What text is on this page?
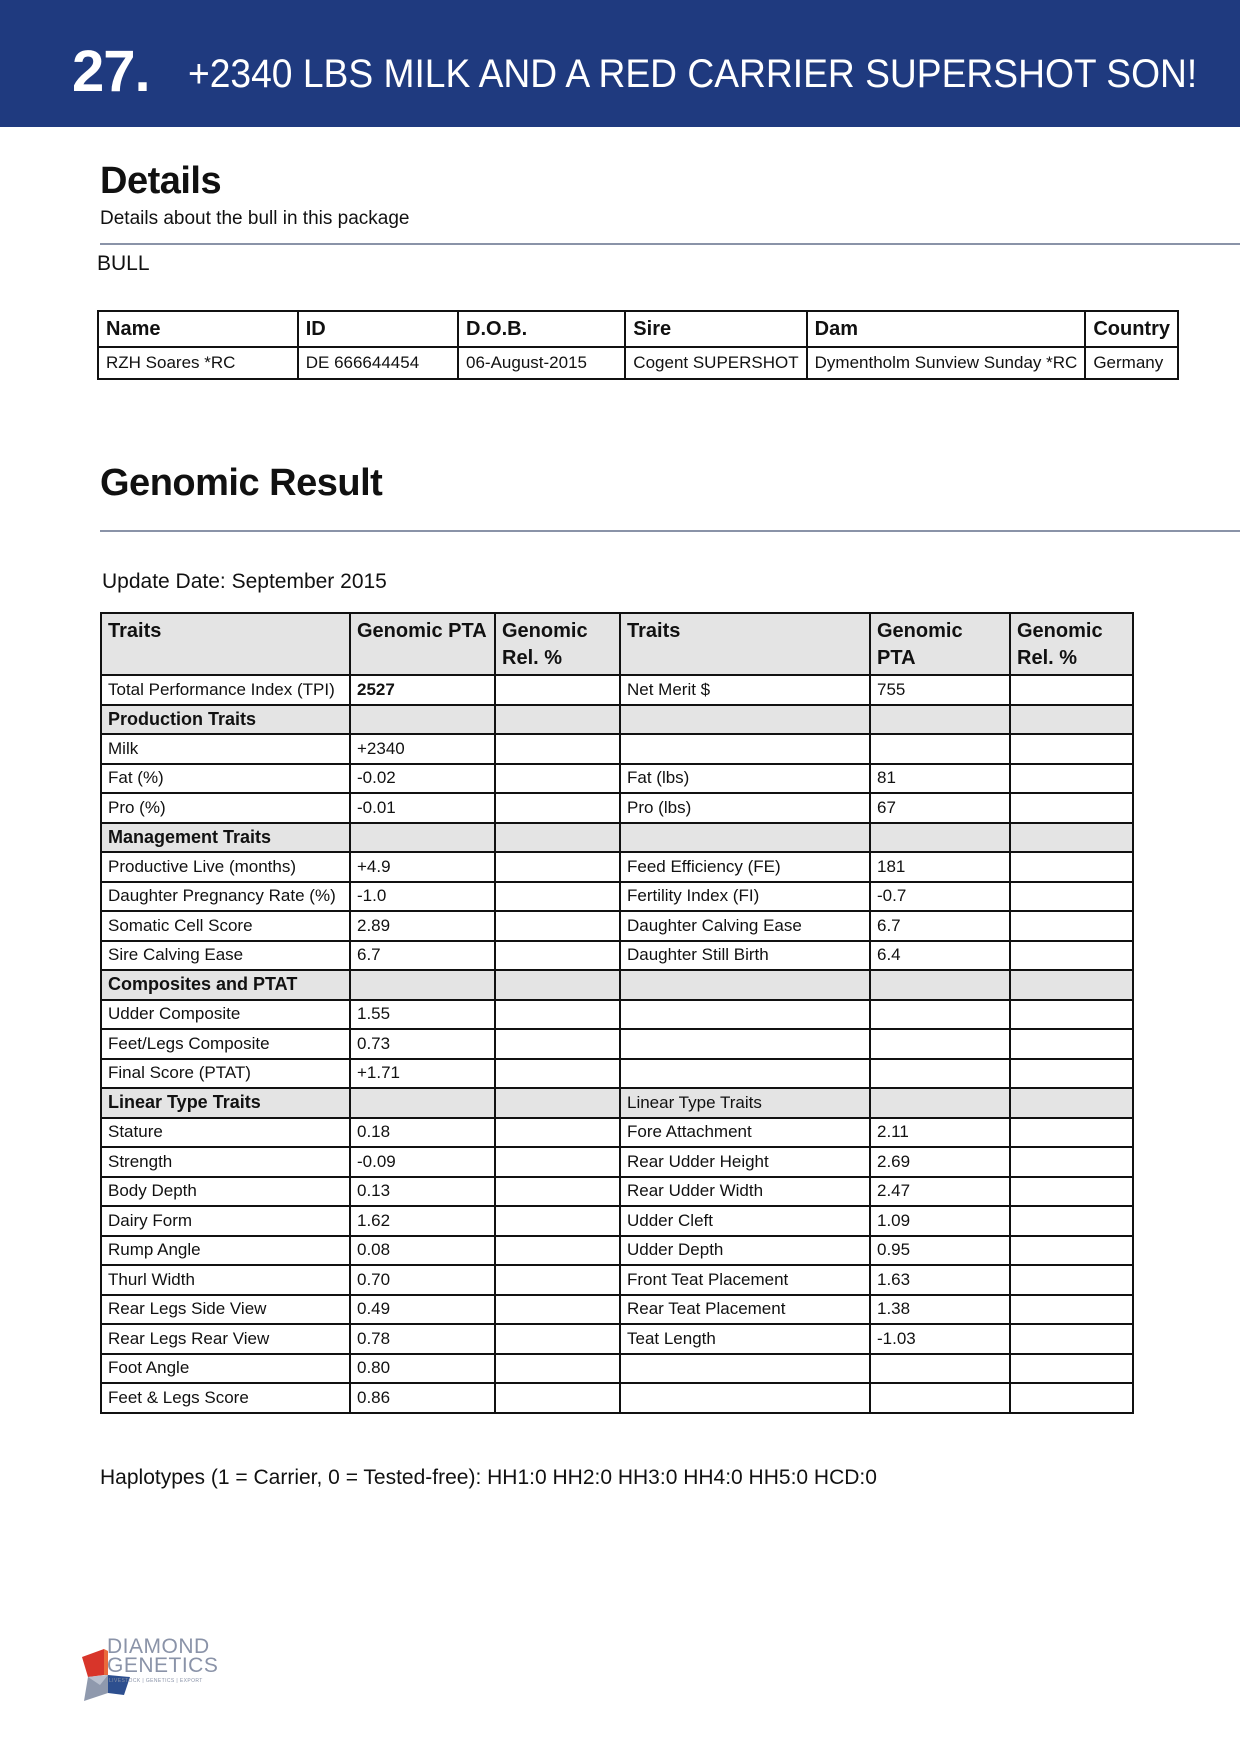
27. +2340 LBS MILK AND A RED CARRIER SUPERSHOT SON!
Details
Details about the bull in this package
BULL
Name	ID	D.O.B.	Sire	Dam	Country
RZH Soares *RC	DE 666644454	06-August-2015	Cogent SUPERSHOT	Dymentholm Sunview Sunday *RC	Germany
Genomic Result
Update Date: September 2015
Traits	Genomic PTA	Genomic Rel. %	Traits	Genomic PTA	Genomic Rel. %
Total Performance Index (TPI)	2527		Net Merit $	755	
Production Traits					
Milk	+2340				
Fat (%)	-0.02		Fat (lbs)	81	
Pro (%)	-0.01		Pro (lbs)	67	
Management Traits					
Productive Live (months)	+4.9		Feed Efficiency (FE)	181	
Daughter Pregnancy Rate (%)	-1.0		Fertility Index (FI)	-0.7	
Somatic Cell Score	2.89		Daughter Calving Ease	6.7	
Sire Calving Ease	6.7		Daughter Still Birth	6.4	
Composites and PTAT					
Udder Composite	1.55				
Feet/Legs Composite	0.73				
Final Score (PTAT)	+1.71				
Linear Type Traits			Linear Type Traits		
Stature	0.18		Fore Attachment	2.11	
Strength	-0.09		Rear Udder Height	2.69	
Body Depth	0.13		Rear Udder Width	2.47	
Dairy Form	1.62		Udder Cleft	1.09	
Rump Angle	0.08		Udder Depth	0.95	
Thurl Width	0.70		Front Teat Placement	1.63	
Rear Legs Side View	0.49		Rear Teat Placement	1.38	
Rear Legs Rear View	0.78		Teat Length	-1.03	
Foot Angle	0.80				
Feet & Legs Score	0.86				
Haplotypes (1 = Carrier, 0 = Tested-free): HH1:0 HH2:0 HH3:0 HH4:0 HH5:0 HCD:0
DIAMOND
GENETICS
LIVESTOCK | GENETICS | EXPORT
